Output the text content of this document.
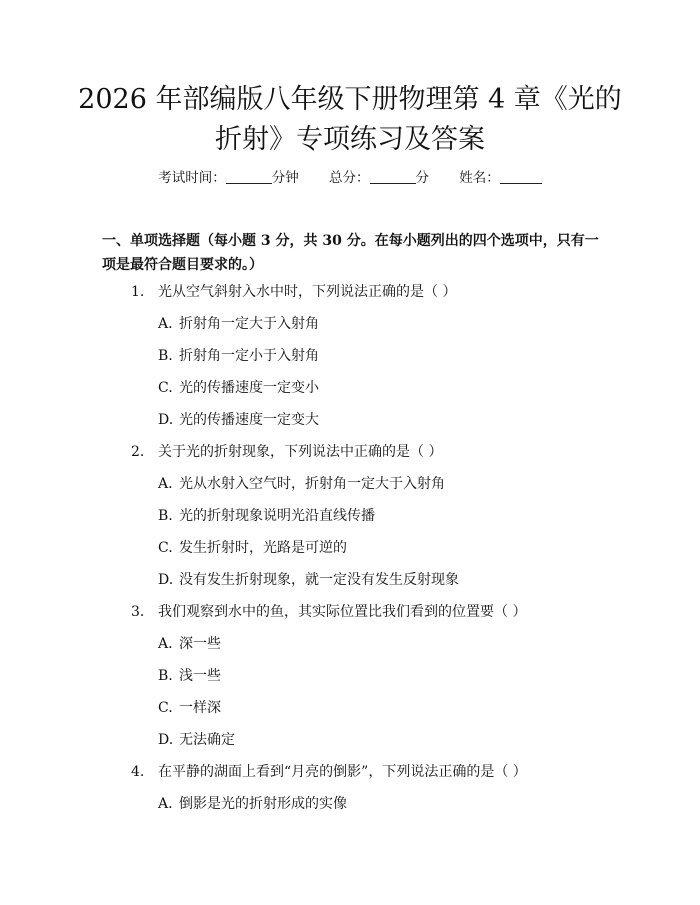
2026 年部编版八年级下册物理第 4 章《光的
折射》专项练习及答案
考试时间：	分钟 总分：	分 姓名：

一、单项选择题（每小题 3 分，共 30 分。在每小题列出的四个选项中，只有一项是最符合题目要求的。）

1. 光从空气斜射入水中时，下列说法正确的是（ ）
A. 折射角一定大于入射角
B. 折射角一定小于入射角
C. 光的传播速度一定变小
D. 光的传播速度一定变大
2. 关于光的折射现象，下列说法中正确的是（ ）
A. 光从水射入空气时，折射角一定大于入射角
B. 光的折射现象说明光沿直线传播
C. 发生折射时，光路是可逆的
D. 没有发生折射现象，就一定没有发生反射现象
3. 我们观察到水中的鱼，其实际位置比我们看到的位置要（ ）
A. 深一些
B. 浅一些
C. 一样深
D. 无法确定
4. 在平静的湖面上看到“月亮的倒影”，下列说法正确的是（ ）
A. 倒影是光的折射形成的实像
